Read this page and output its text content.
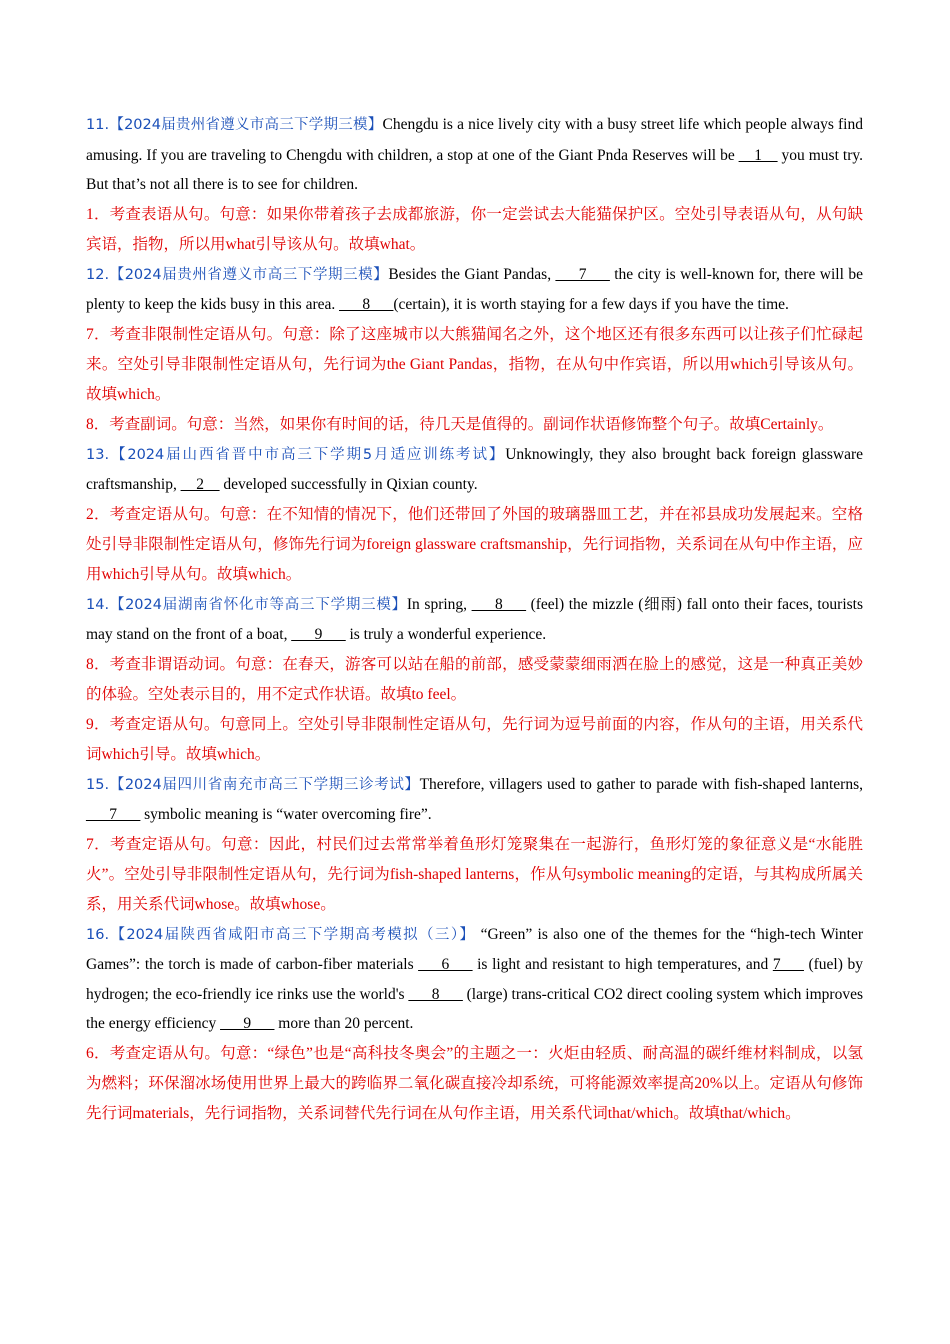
11.【2024届贵州省遵义市高三下学期三模】Chengdu is a nice lively city with a busy street life which people always find amusing. If you are traveling to Chengdu with children, a stop at one of the Giant Pnda Reserves will be __1__ you must try. But that’s not all there is to see for children.

1．考查表语从句。句意：如果你带着孩子去成都旅游，你一定尝试去大能猫保护区。空处引导表语从句，从句缺宾语，指物，所以用what引导该从句。故填what。

12.【2024届贵州省遵义市高三下学期三模】Besides the Giant Pandas, ___7___ the city is well-known for, there will be plenty to keep the kids busy in this area. ___8___(certain), it is worth staying for a few days if you have the time.

7．考查非限制性定语从句。句意：除了这座城市以大熊猫闻名之外，这个地区还有很多东西可以让孩子们忙碌起来。空处引导非限制性定语从句，先行词为the Giant Pandas，指物，在从句中作宾语，所以用which引导该从句。故填which。

8．考查副词。句意：当然，如果你有时间的话，待几天是值得的。副词作状语修饰整个句子。故填Certainly。

13.【2024届山西省晋中市高三下学期5月适应训练考试】Unknowingly, they also brought back foreign glassware craftsmanship, __2__ developed successfully in Qixian county.

2．考查定语从句。句意：在不知情的情况下，他们还带回了外国的玻璃器皿工艺，并在祁县成功发展起来。空格处引导非限制性定语从句，修饰先行词为foreign glassware craftsmanship，先行词指物，关系词在从句中作主语，应用which引导从句。故填which。

14.【2024届湖南省怀化市等高三下学期三模】In spring, ___8___ (feel) the mizzle (细雨) fall onto their faces, tourists may stand on the front of a boat, ___9___ is truly a wonderful experience.

8．考查非谓语动词。句意：在春天，游客可以站在船的前部，感受蒙蒙细雨洒在脸上的感觉，这是一种真正美妙的体验。空处表示目的，用不定式作状语。故填to feel。

9．考查定语从句。句意同上。空处引导非限制性定语从句，先行词为逗号前面的内容，作从句的主语，用关系代词which引导。故填which。

15.【2024届四川省南充市高三下学期三诊考试】Therefore, villagers used to gather to parade with fish-shaped lanterns, ___7___ symbolic meaning is “water overcoming fire”.

7．考查定语从句。句意：因此，村民们过去常常举着鱼形灯笼聚集在一起游行，鱼形灯笼的象征意义是“水能胜火”。空处引导非限制性定语从句，先行词为fish-shaped lanterns，作从句symbolic meaning的定语，与其构成所属关系，用关系代词whose。故填whose。

16.【2024届陕西省咸阳市高三下学期高考模拟（三）】 “Green” is also one of the themes for the “high-tech Winter Games”: the torch is made of carbon-fiber materials ___6___ is light and resistant to high temperatures, and 7___ (fuel) by hydrogen; the eco-friendly ice rinks use the world's ___8___ (large) trans-critical CO2 direct cooling system which improves the energy efficiency ___9___ more than 20 percent.

6．考查定语从句。句意：“绿色”也是“高科技冬奥会”的主题之一：火炬由轻质、耐高温的碳纤维材料制成，以氢为燃料；环保溜冰场使用世界上最大的跨临界二氧化碳直接冷却系统，可将能源效率提高20%以上。定语从句修饰先行词materials，先行词指物，关系词替代先行词在从句作主语，用关系代词that/which。故填that/which。
